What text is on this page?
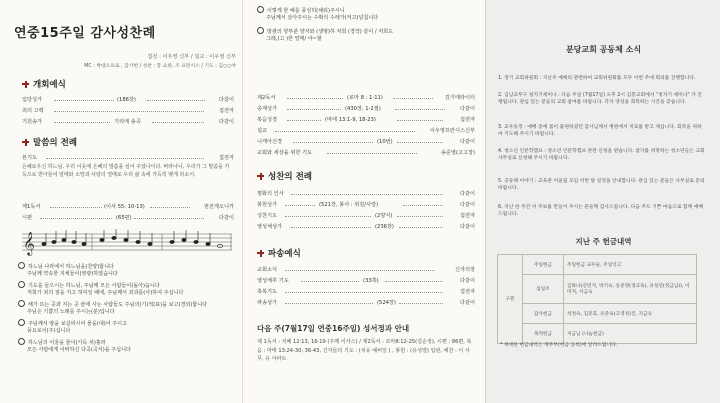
연중15주일 감사성찬례
집전 : 이우영 신부 / 설교 : 이우영 신부
MC : 박대오프로 , 감사헌 / 성찬 : 봉 요한, 조 프란시스 / 기도 : 김○○야
개회예식
입당성가	(186장)	다같이
죄의 고백	집전자
기원송가	기리에 송곡	다같이
말씀의 전례
본기도	집전자
은혜로우신 하느님, 우리 이웃에 은혜의 말씀을 심어 주셨나이다. 바라나니, 우리가 그 말씀을 가득으로 받아들여 열매와 소망과 사랑의 열매로 우리 삶 속에 가득히 맺게 하소서.
제1독서	(이사 55: 10-13)	권전제오니카
시편	(65편)	다같이
𝄞
하느님 나라에서 하느님을(찬양)합니다
주님께 약속한 지체들이(영광)하였습니다
기도를 들으시는 하느님, 주님께 모든 사람들이(돌아)옵니다
저희가 죄의 짐을 지고 허덕일 때에, 주님께서 죄과를(사)하여 주십니다
해가 뜨는 곳과 지는 곳 끝에 사는 사람들도 주님의(기)적(표)을 보고(경외)합니다
주님은 기쁨의 노래를 주시는(분)입니다
주님께서 땅을 보살피시어 물을(대)어 주시고
풍요로이(주)십니다
하느님의 어울을 물이(가득 차)흘러
모든 사람에게 이바하신 다곡(곡식)을 주십니다
이렇게 한 해를 풍성히(채워)주시니
주님께서 살아주시는 수확의 수레가(저고)넘칩니다
방광의 양부분 양자와 (생명)하 저희 (경작) 같이 / 저희도
그래,(고 )한 열매/ 야~할
제2독서	(로마 8 : 1-11)	김기태라이터
층계성가	(430장, 1-2절)	다같이
복음성경	(마태 13:1-9, 18-23)	집전자
설교	이우영프란시스신부
니케아신경	(10번)	다같이
교회와 세상을 위한 기도	송준영(고고장)
성찬의 전례
평화의 인사	다같이
봉헌성가	(521장, 봉사 : 위원/사랑)	다같이
성찬기도	(2양식)	집전자
영성체성가	(236장)	다같이
파송예식
교회소식	신자의장
영성체후 기도	(33쪽)	다같이
축복기도	집전자
파송성가	(524장)	다같이
다음 주(7월17일 연중16주일) 성서정과 안내
제 1독서 : 지혜 12:13, 16-19 (주께 이사스) / 제2독서 : 로마8:12-25(김순정), 시편 : 86편, 복음 : 마태 13:24-30, 36-43, 신자들의 기도 : (치유 예비일 ) , 봉헌 : (유성열) 입관, 예찬 : 이 사무, 유 아파트
분당교회 공동체 소식
1. 정기 교회위원회 : 지난주 예배의 관련하여 교회위원회를 모두 이번 주에 회의를 진행합니다.
2. 김남교무구 청지기세미나 : 다음 주일 (7월17일) 오후 2시 김봉교회에서 "청지기 세미나" 가 진행됩니다. 관심 있는 분들의 교회 참여를 바랍니다. 각자 영성을 회복하는 시간을 갖습니다.
3. 교우동정 : 예배 중에 몸이 불편하셨던 감사님께서 병원에서 치료를 받고 계십니다. 회복을 위하여 기도해 주시기 바랍니다.
4. 청소년 인문학캠프 : 청소년 인문학캠프 관련 신청을 받습니다. 참가를 희망하는 청소년들은 교회 사무실로 신청해 주시기 바랍니다.
5. 공동체 이야기 : 교육관 어울림 모임 이번 달 일정을 안내합니다. 관심 있는 분들은 사무실로 문의 바랍니다.
6. 지난 한 주간 이 주보를 만들어 주시는 분들께 감사드립니다. 다음 주도 기쁜 마음으로 함께 예배드립니다.
지난 주 헌금내역
구분	주일헌금	주일헌금 교우들, 주일익고
	십일조	김하나(신민지, 박기숙, 송준영(경교육), 유성연(정금님)), 이미지, 서금숙
	감사헌금	석정숙, 김준호, 유준숙(고영정)진, 지금숙
	목적헌금	지금님 (나눔헌금)
* 재세한 헌금내역은 재무부(헌금 등록)에 알려드립니다.
